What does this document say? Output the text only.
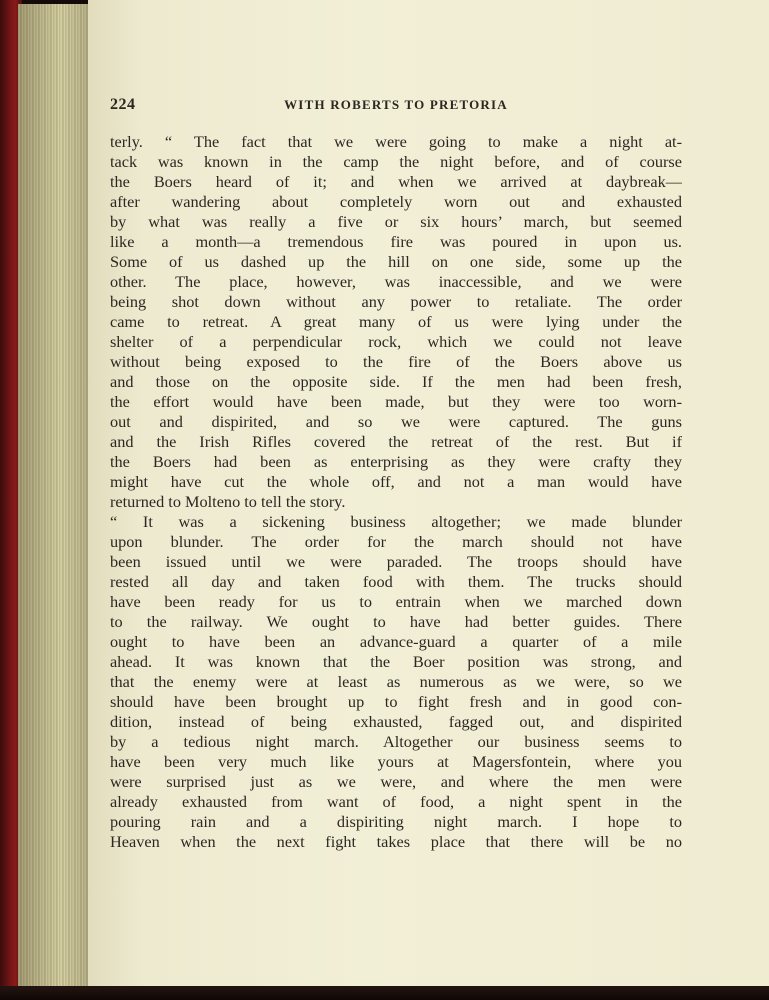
224	WITH ROBERTS TO PRETORIA
terly. “ The fact that we were going to make a night at-
tack was known in the camp the night before, and of course
the Boers heard of it; and when we arrived at daybreak—
after wandering about completely worn out and exhausted
by what was really a five or six hours’ march, but seemed
like a month—a tremendous fire was poured in upon us.
Some of us dashed up the hill on one side, some up the
other. The place, however, was inaccessible, and we were
being shot down without any power to retaliate. The order
came to retreat. A great many of us were lying under the
shelter of a perpendicular rock, which we could not leave
without being exposed to the fire of the Boers above us
and those on the opposite side. If the men had been fresh,
the effort would have been made, but they were too worn-
out and dispirited, and so we were captured. The guns
and the Irish Rifles covered the retreat of the rest. But if
the Boers had been as enterprising as they were crafty they
might have cut the whole off, and not a man would have
returned to Molteno to tell the story.
“ It was a sickening business altogether; we made blunder
upon blunder. The order for the march should not have
been issued until we were paraded. The troops should have
rested all day and taken food with them. The trucks should
have been ready for us to entrain when we marched down
to the railway. We ought to have had better guides. There
ought to have been an advance-guard a quarter of a mile
ahead. It was known that the Boer position was strong, and
that the enemy were at least as numerous as we were, so we
should have been brought up to fight fresh and in good con-
dition, instead of being exhausted, fagged out, and dispirited
by a tedious night march. Altogether our business seems to
have been very much like yours at Magersfontein, where you
were surprised just as we were, and where the men were
already exhausted from want of food, a night spent in the
pouring rain and a dispiriting night march. I hope to
Heaven when the next fight takes place that there will be no
